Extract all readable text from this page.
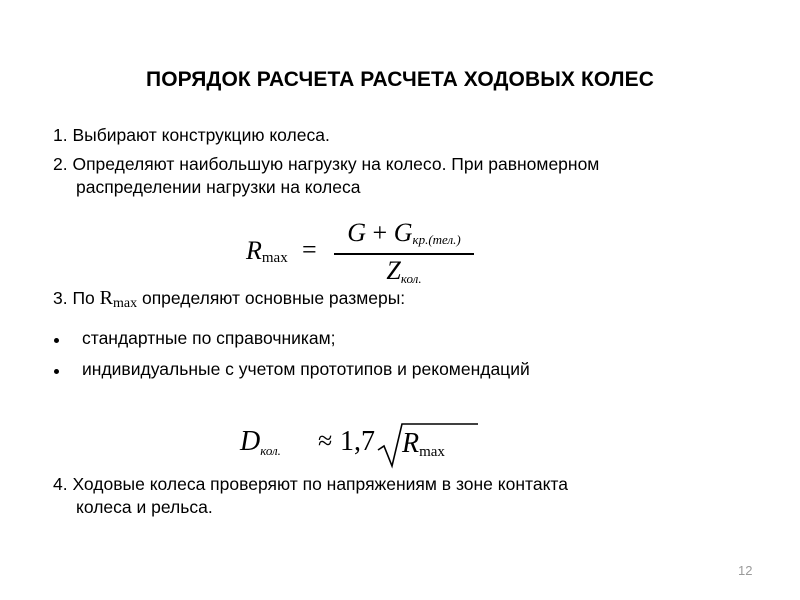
ПОРЯДОК РАСЧЕТА РАСЧЕТА ХОДОВЫХ КОЛЕС
1. Выбирают конструкцию колеса.
2. Определяют наибольшую нагрузку на колесо. При равномерном
распределении нагрузки на колеса
$R_{max}$ =
$G + G_{кр.(тел.)}$
$Z_{кол.}$
3. По $R_{max}$ определяют основные размеры:
стандартные по справочникам;
индивидуальные с учетом прототипов и рекомендаций
$D_{кол.} \approx 1,7$ $R_{max}$
4. Ходовые колеса проверяют по напряжениям в зоне контакта
колеса и рельса.
12
